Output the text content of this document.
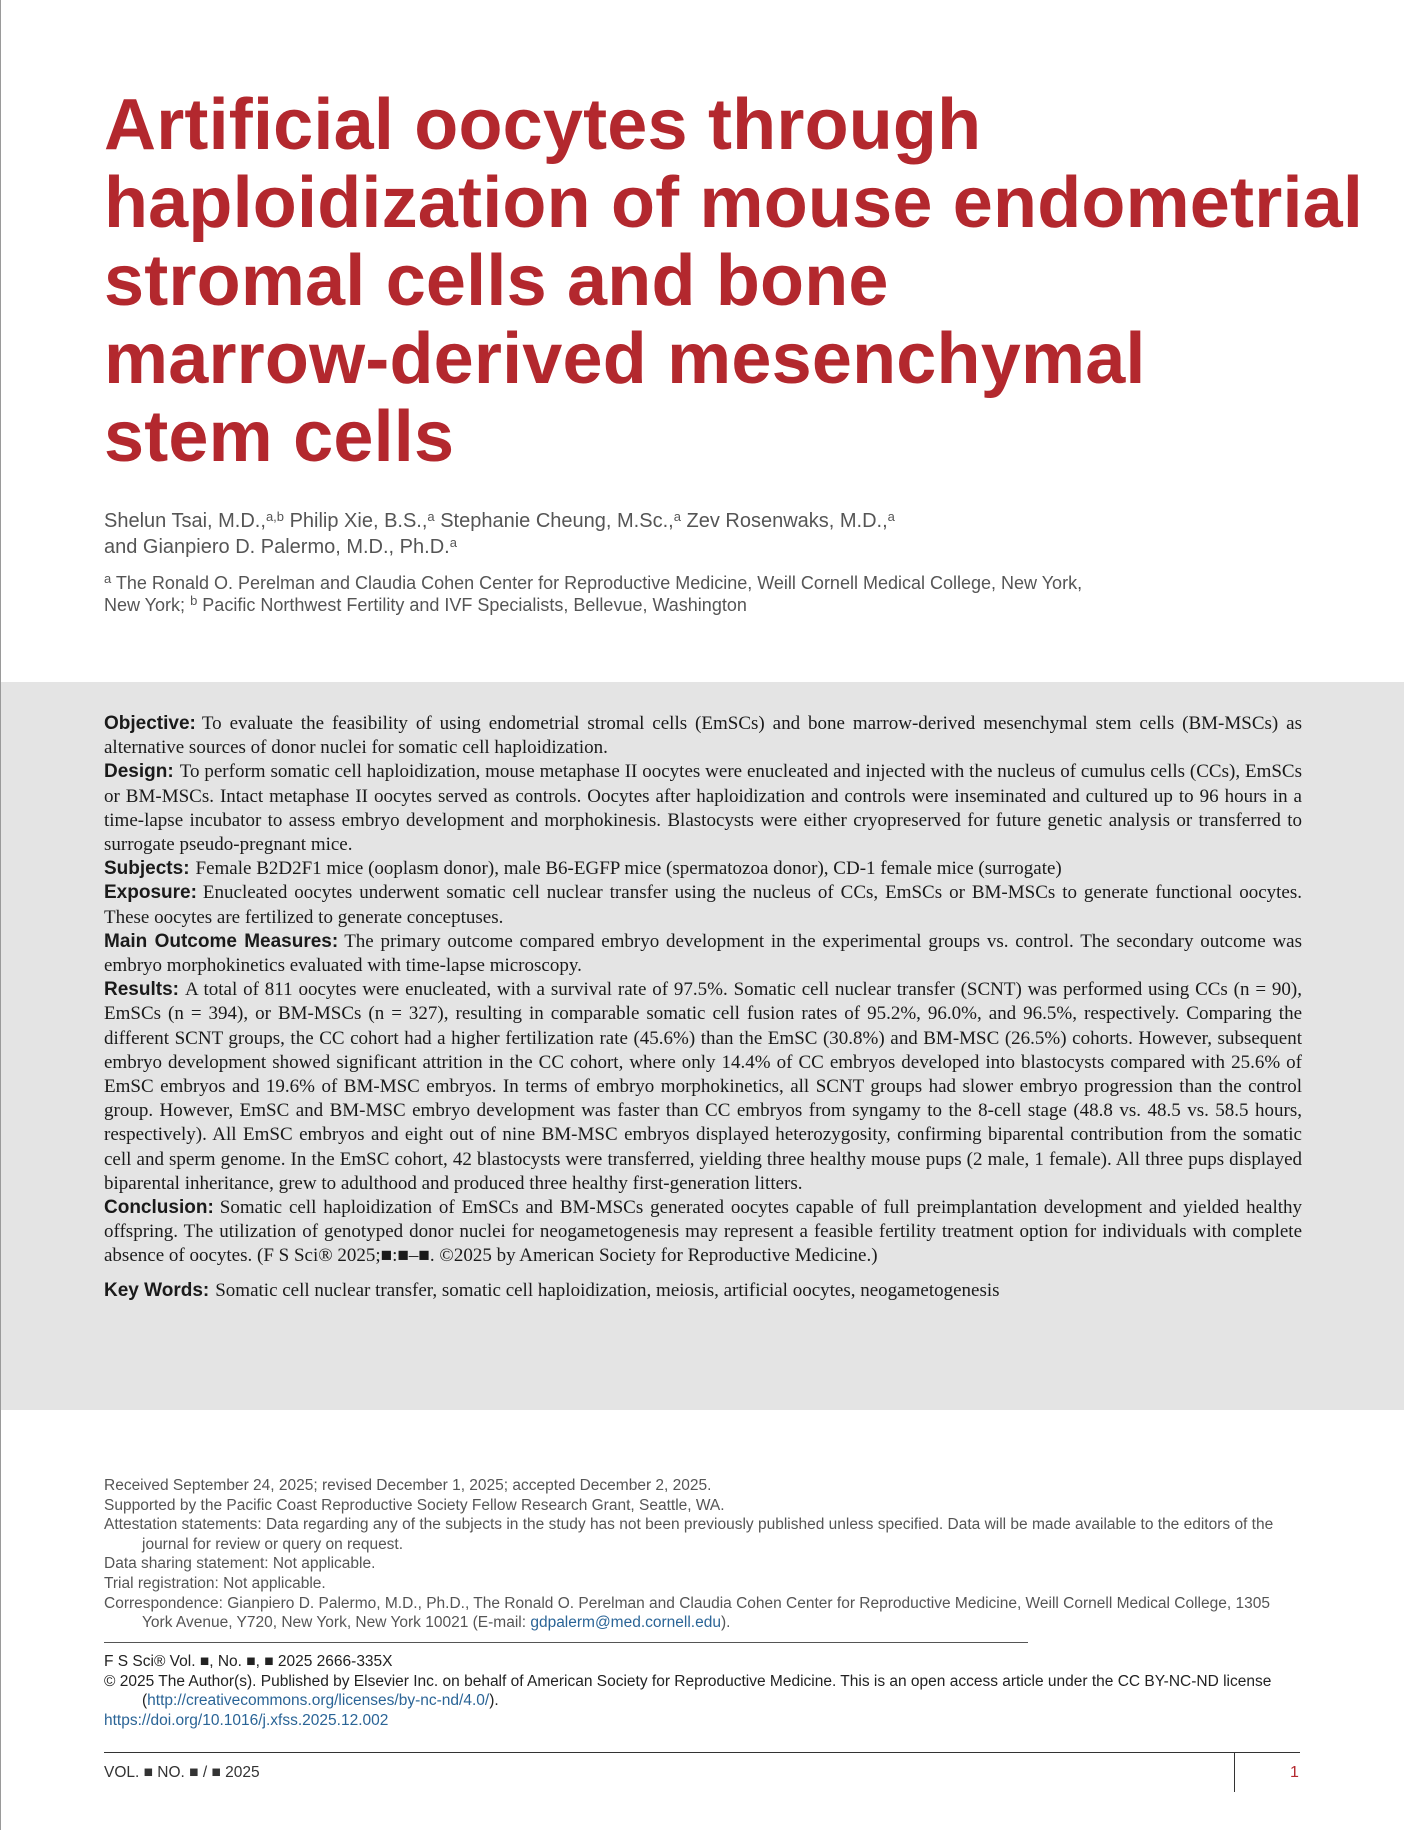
Artificial oocytes through
haploidization of mouse endometrial
stromal cells and bone
marrow-derived mesenchymal
stem cells
Shelun Tsai, M.D.,$^{a,b}$ Philip Xie, B.S.,$^a$ Stephanie Cheung, M.Sc.,$^a$ Zev Rosenwaks, M.D.,$^a$
and Gianpiero D. Palermo, M.D., Ph.D.$^a$
$^a$ The Ronald O. Perelman and Claudia Cohen Center for Reproductive Medicine, Weill Cornell Medical College, New York,
New York; $^b$ Pacific Northwest Fertility and IVF Specialists, Bellevue, Washington

Objective: To evaluate the feasibility of using endometrial stromal cells (EmSCs) and bone marrow-derived mesenchymal stem cells (BM-MSCs) as alternative sources of donor nuclei for somatic cell haploidization.

Design: To perform somatic cell haploidization, mouse metaphase II oocytes were enucleated and injected with the nucleus of cumulus cells (CCs), EmSCs or BM-MSCs. Intact metaphase II oocytes served as controls. Oocytes after haploidization and controls were inseminated and cultured up to 96 hours in a time-lapse incubator to assess embryo development and morphokinesis. Blastocysts were either cryopreserved for future genetic analysis or transferred to surrogate pseudo-pregnant mice.

Subjects: Female B2D2F1 mice (ooplasm donor), male B6-EGFP mice (spermatozoa donor), CD-1 female mice (surrogate)

Exposure: Enucleated oocytes underwent somatic cell nuclear transfer using the nucleus of CCs, EmSCs or BM-MSCs to generate functional oocytes. These oocytes are fertilized to generate conceptuses.

Main Outcome Measures: The primary outcome compared embryo development in the experimental groups vs. control. The secondary outcome was embryo morphokinetics evaluated with time-lapse microscopy.

Results: A total of 811 oocytes were enucleated, with a survival rate of 97.5%. Somatic cell nuclear transfer (SCNT) was performed using CCs (n = 90), EmSCs (n = 394), or BM-MSCs (n = 327), resulting in comparable somatic cell fusion rates of 95.2%, 96.0%, and 96.5%, respectively. Comparing the different SCNT groups, the CC cohort had a higher fertilization rate (45.6%) than the EmSC (30.8%) and BM-MSC (26.5%) cohorts. However, subsequent embryo development showed significant attrition in the CC cohort, where only 14.4% of CC embryos developed into blastocysts compared with 25.6% of EmSC embryos and 19.6% of BM-MSC embryos. In terms of embryo morphokinetics, all SCNT groups had slower embryo progression than the control group. However, EmSC and BM-MSC embryo development was faster than CC embryos from syngamy to the 8-cell stage (48.8 vs. 48.5 vs. 58.5 hours, respectively). All EmSC embryos and eight out of nine BM-MSC embryos displayed heterozygosity, confirming biparental contribution from the somatic cell and sperm genome. In the EmSC cohort, 42 blastocysts were transferred, yielding three healthy mouse pups (2 male, 1 female). All three pups displayed biparental inheritance, grew to adulthood and produced three healthy first-generation litters.

Conclusion: Somatic cell haploidization of EmSCs and BM-MSCs generated oocytes capable of full preimplantation development and yielded healthy offspring. The utilization of genotyped donor nuclei for neogametogenesis may represent a feasible fertility treatment option for individuals with complete absence of oocytes. (F S Sci® 2025;■:■–■. ©2025 by American Society for Reproductive Medicine.)

Key Words: Somatic cell nuclear transfer, somatic cell haploidization, meiosis, artificial oocytes, neogametogenesis

Received September 24, 2025; revised December 1, 2025; accepted December 2, 2025.

Supported by the Pacific Coast Reproductive Society Fellow Research Grant, Seattle, WA.

Attestation statements: Data regarding any of the subjects in the study has not been previously published unless specified. Data will be made available to the editors of the journal for review or query on request.

Data sharing statement: Not applicable.

Trial registration: Not applicable.

Correspondence: Gianpiero D. Palermo, M.D., Ph.D., The Ronald O. Perelman and Claudia Cohen Center for Reproductive Medicine, Weill Cornell Medical College, 1305 York Avenue, Y720, New York, New York 10021 (E-mail: gdpalerm@med.cornell.edu).

F S Sci® Vol. ■, No. ■, ■ 2025 2666-335X

© 2025 The Author(s). Published by Elsevier Inc. on behalf of American Society for Reproductive Medicine. This is an open access article under the CC BY-NC-ND license (http://creativecommons.org/licenses/by-nc-nd/4.0/).

https://doi.org/10.1016/j.xfss.2025.12.002

VOL. ■ NO. ■ / ■ 2025	1
